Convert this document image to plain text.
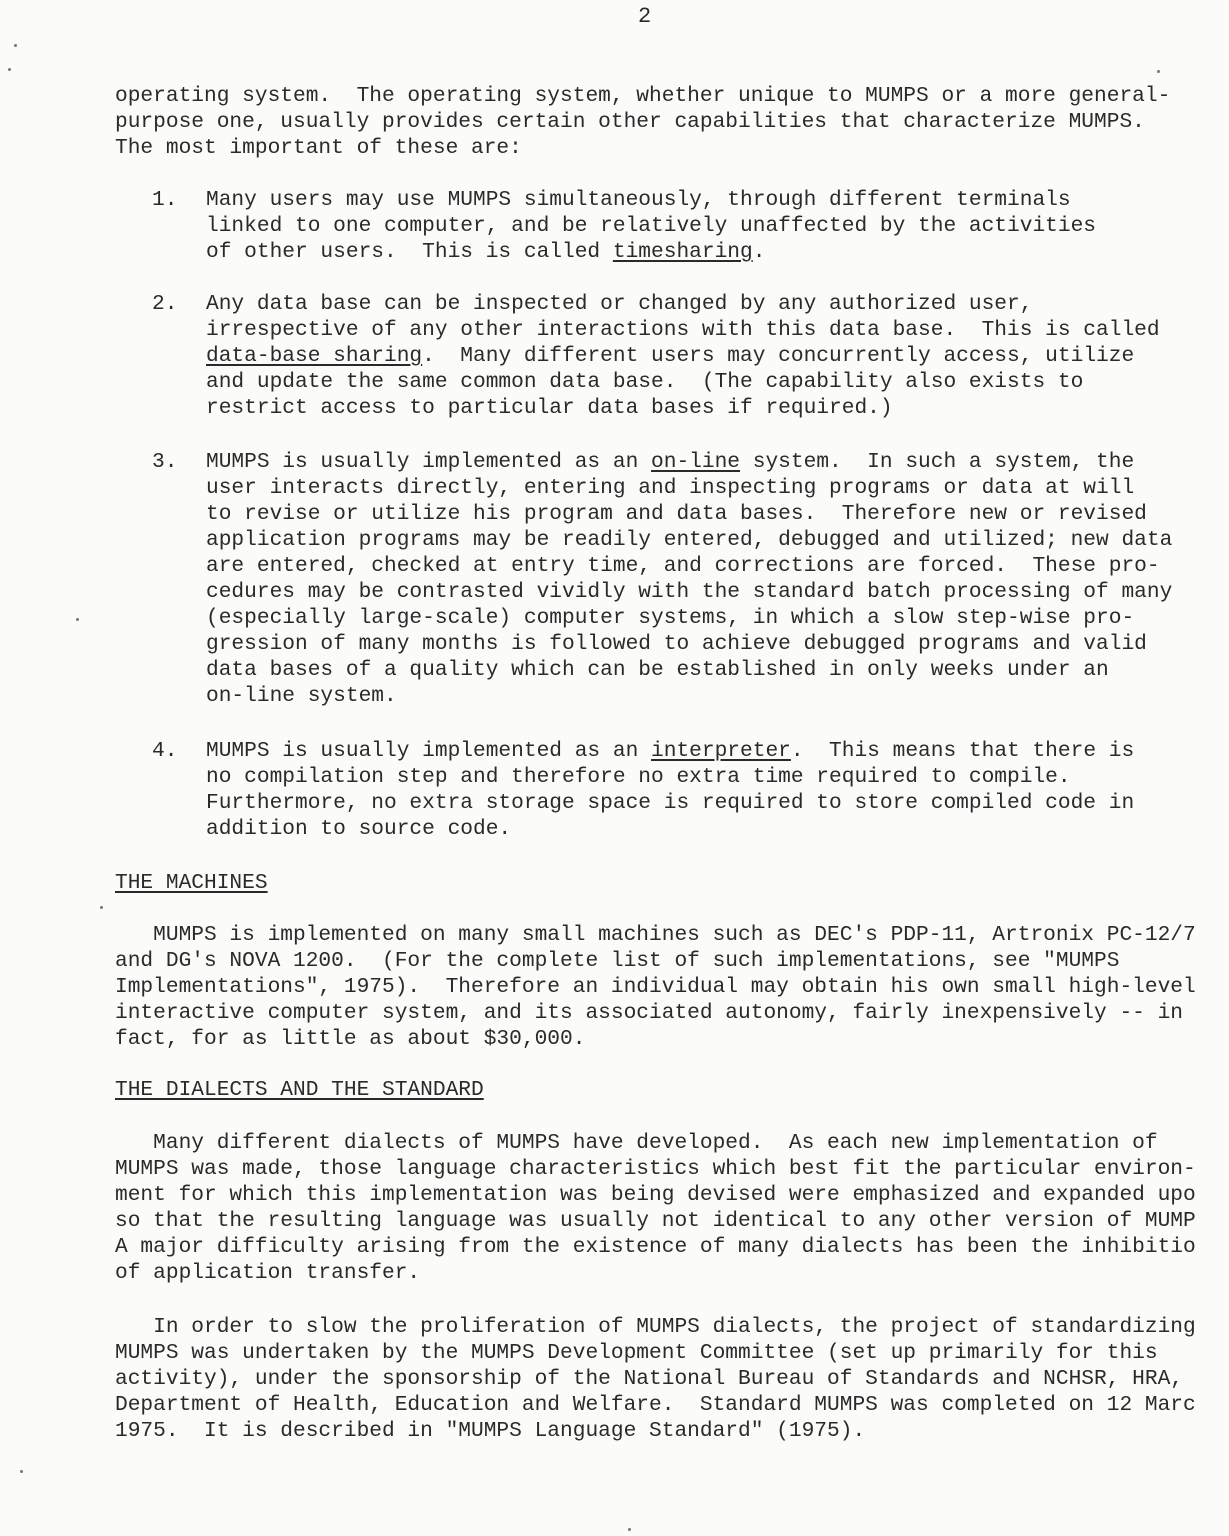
2
operating system.  The operating system, whether unique to MUMPS or a more general-
purpose one, usually provides certain other capabilities that characterize MUMPS.
The most important of these are:
1. Many users may use MUMPS simultaneously, through different terminals
linked to one computer, and be relatively unaffected by the activities
of other users.  This is called timesharing.
2. Any data base can be inspected or changed by any authorized user,
irrespective of any other interactions with this data base.  This is called
data-base sharing.  Many different users may concurrently access, utilize
and update the same common data base.  (The capability also exists to
restrict access to particular data bases if required.)
3. MUMPS is usually implemented as an on-line system.  In such a system, the
user interacts directly, entering and inspecting programs or data at will
to revise or utilize his program and data bases.  Therefore new or revised
application programs may be readily entered, debugged and utilized; new data
are entered, checked at entry time, and corrections are forced.  These pro-
cedures may be contrasted vividly with the standard batch processing of many
(especially large-scale) computer systems, in which a slow step-wise pro-
gression of many months is followed to achieve debugged programs and valid
data bases of a quality which can be established in only weeks under an
on-line system.
4. MUMPS is usually implemented as an interpreter.  This means that there is
no compilation step and therefore no extra time required to compile.
Furthermore, no extra storage space is required to store compiled code in
addition to source code.
THE MACHINES
MUMPS is implemented on many small machines such as DEC's PDP-11, Artronix PC-12/7
and DG's NOVA 1200.  (For the complete list of such implementations, see "MUMPS
Implementations", 1975).  Therefore an individual may obtain his own small high-level
interactive computer system, and its associated autonomy, fairly inexpensively -- in
fact, for as little as about $30,000.
THE DIALECTS AND THE STANDARD
Many different dialects of MUMPS have developed.  As each new implementation of
MUMPS was made, those language characteristics which best fit the particular environ-
ment for which this implementation was being devised were emphasized and expanded upo
so that the resulting language was usually not identical to any other version of MUMP
A major difficulty arising from the existence of many dialects has been the inhibitio
of application transfer.
In order to slow the proliferation of MUMPS dialects, the project of standardizing
MUMPS was undertaken by the MUMPS Development Committee (set up primarily for this
activity), under the sponsorship of the National Bureau of Standards and NCHSR, HRA,
Department of Health, Education and Welfare.  Standard MUMPS was completed on 12 Marc
1975.  It is described in "MUMPS Language Standard" (1975).
